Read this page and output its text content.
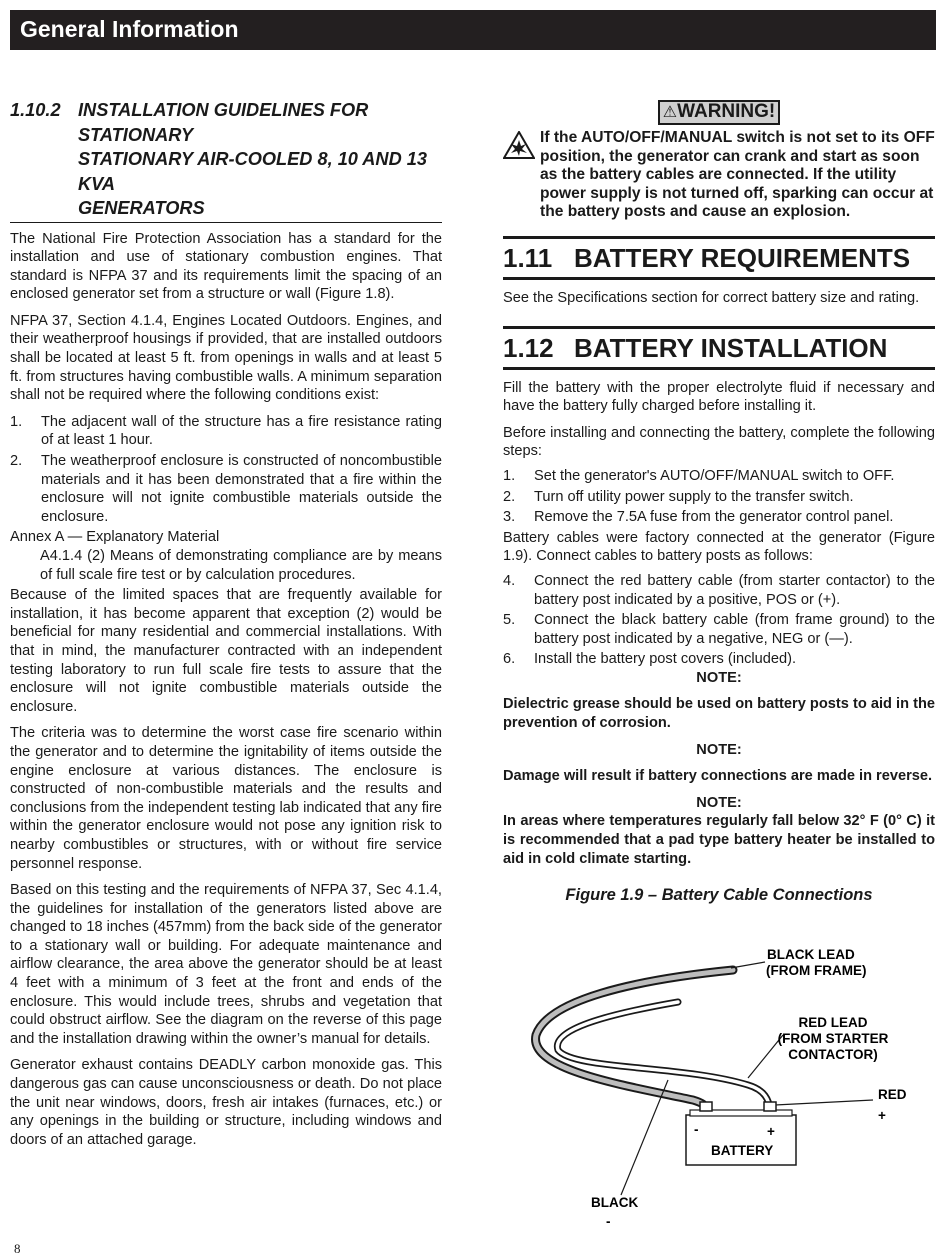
General Information
1.10.2 INSTALLATION GUIDELINES FOR STATIONARY
STATIONARY AIR-COOLED 8, 10 AND 13 KVA
GENERATORS

The National Fire Protection Association has a standard for the installation and use of stationary combustion engines. That standard is NFPA 37 and its requirements limit the spacing of an enclosed generator set from a structure or wall (Figure 1.8).

NFPA 37, Section 4.1.4, Engines Located Outdoors. Engines, and their weatherproof housings if provided, that are installed outdoors shall be located at least 5 ft. from openings in walls and at least 5 ft. from structures having combustible walls. A minimum separation shall not be required where the following conditions exist:

1.	The adjacent wall of the structure has a fire resistance rating of at least 1 hour.
2.	The weatherproof enclosure is constructed of noncombustible materials and it has been demonstrated that a fire within the enclosure will not ignite combustible materials outside the enclosure.
Annex A — Explanatory Material
A4.1.4 (2) Means of demonstrating compliance are by means of full scale fire test or by calculation procedures.

Because of the limited spaces that are frequently available for installation, it has become apparent that exception (2) would be beneficial for many residential and commercial installations. With that in mind, the manufacturer contracted with an independent testing laboratory to run full scale fire tests to assure that the enclosure will not ignite combustible materials outside the enclosure.

The criteria was to determine the worst case fire scenario within the generator and to determine the ignitability of items outside the engine enclosure at various distances. The enclosure is constructed of non-combustible materials and the results and conclusions from the independent testing lab indicated that any fire within the generator enclosure would not pose any ignition risk to nearby combustibles or structures, with or without fire service personnel response.

Based on this testing and the requirements of NFPA 37, Sec 4.1.4, the guidelines for installation of the generators listed above are changed to 18 inches (457mm) from the back side of the generator to a stationary wall or building. For adequate maintenance and airflow clearance, the area above the generator should be at least 4 feet with a minimum of 3 feet at the front and ends of the enclosure. This would include trees, shrubs and vegetation that could obstruct airflow. See the diagram on the reverse of this page and the installation drawing within the owner’s manual for details.

Generator exhaust contains DEADLY carbon monoxide gas. This dangerous gas can cause unconsciousness or death. Do not place the unit near windows, doors, fresh air intakes (furnaces, etc.) or any openings in the building or structure, including windows and doors of an attached garage.

⚠WARNING!
If the AUTO/OFF/MANUAL switch is not set to its OFF position, the generator can crank and start as soon as the battery cables are connected. If the utility power supply is not turned off, sparking can occur at the battery posts and cause an explosion.
1.11 BATTERY REQUIREMENTS

See the Specifications section for correct battery size and rating.

1.12 BATTERY INSTALLATION

Fill the battery with the proper electrolyte fluid if necessary and have the battery fully charged before installing it.

Before installing and connecting the battery, complete the following steps:

1.	Set the generator's AUTO/OFF/MANUAL switch to OFF.
2.	Turn off utility power supply to the transfer switch.
3.	Remove the 7.5A fuse from the generator control panel.

Battery cables were factory connected at the generator (Figure 1.9). Connect cables to battery posts as follows:

4.	Connect the red battery cable (from starter contactor) to the battery post indicated by a positive, POS or (+).
5.	Connect the black battery cable (from frame ground) to the battery post indicated by a negative, NEG or (—).
6.	Install the battery post covers (included).
NOTE:
Dielectric grease should be used on battery posts to aid in the prevention of corrosion.
NOTE:
Damage will result if battery connections are made in reverse.
NOTE:
In areas where temperatures regularly fall below 32° F (0° C) it is recommended that a pad type battery heater be installed to aid in cold climate starting.
Figure 1.9 – Battery Cable Connections
-	+
BATTERY
BLACK LEAD
(FROM FRAME)
RED LEAD
(FROM STARTER
CONTACTOR)
RED
+
BLACK
-
8
